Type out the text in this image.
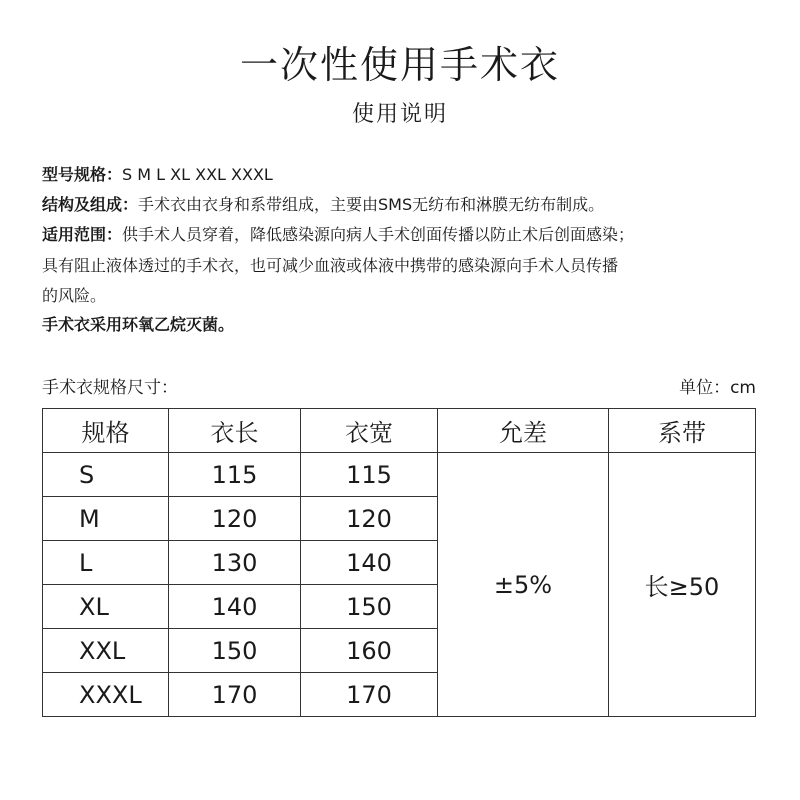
一次性使用手术衣
使用说明
型号规格：S M L XL XXL XXXL
结构及组成：手术衣由衣身和系带组成，主要由SMS无纺布和淋膜无纺布制成。
适用范围：供手术人员穿着，降低感染源向病人手术创面传播以防止术后创面感染；
具有阻止液体透过的手术衣，也可减少血液或体液中携带的感染源向手术人员传播
的风险。
手术衣采用环氧乙烷灭菌。
手术衣规格尺寸：	单位：cm
规格	衣长	衣宽	允差	系带
S	115	115	±5%	长≥50
M	120	120		
L	130	140		
XL	140	150		
XXL	150	160		
XXXL	170	170		
